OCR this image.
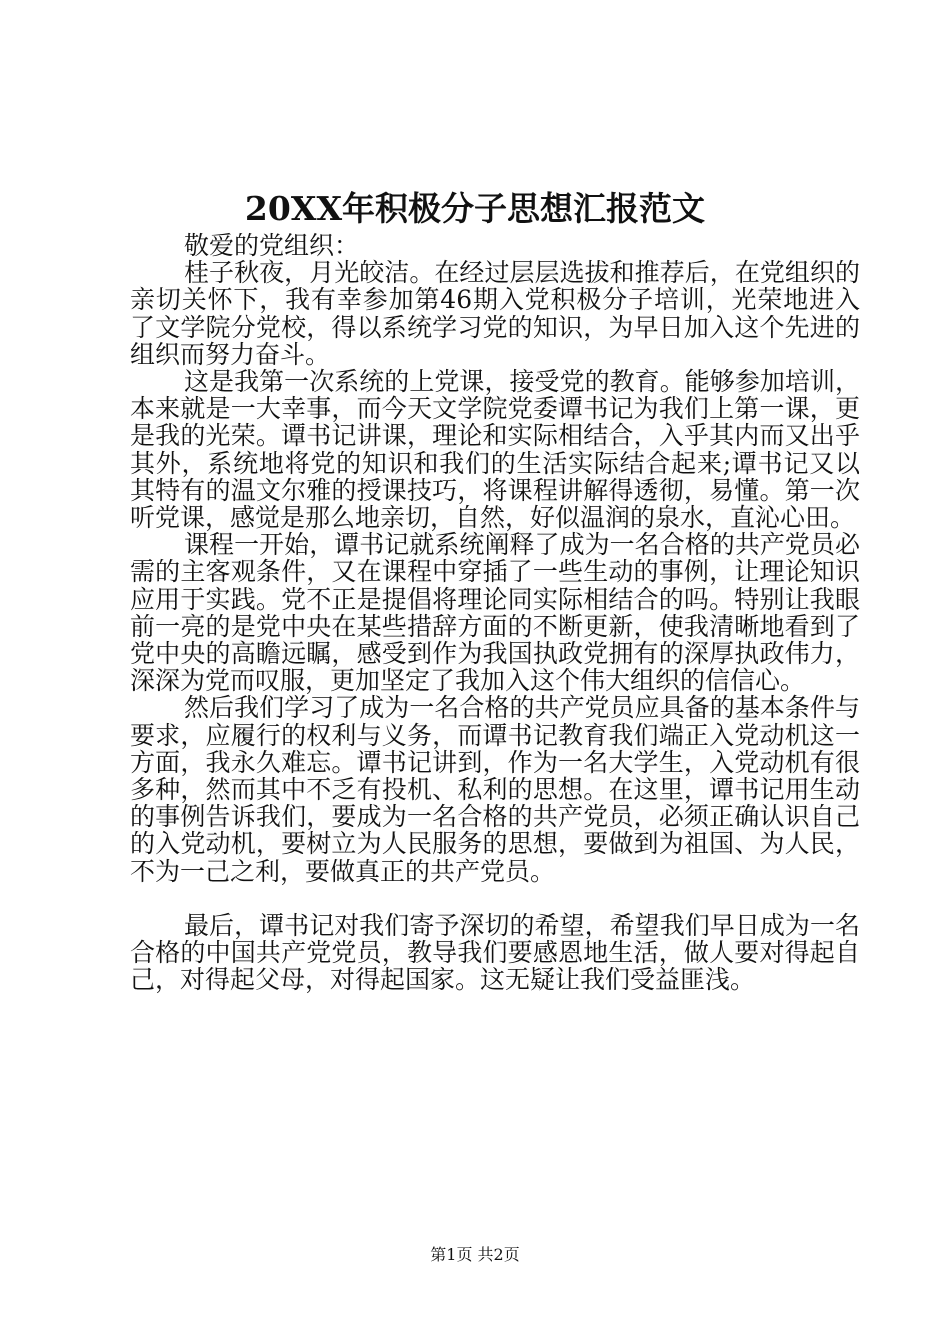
20XX年积极分子思想汇报范文

敬爱的党组织：

桂子秋夜，月光皎洁。在经过层层选拔和推荐后，在党组织的亲切关怀下，我有幸参加第46期入党积极分子培训，光荣地进入了文学院分党校，得以系统学习党的知识，为早日加入这个先进的组织而努力奋斗。

这是我第一次系统的上党课，接受党的教育。能够参加培训，本来就是一大幸事，而今天文学院党委谭书记为我们上第一课，更是我的光荣。谭书记讲课，理论和实际相结合，入乎其内而又出乎其外，系统地将党的知识和我们的生活实际结合起来;谭书记又以其特有的温文尔雅的授课技巧，将课程讲解得透彻，易懂。第一次听党课，感觉是那么地亲切，自然，好似温润的泉水，直沁心田。

课程一开始，谭书记就系统阐释了成为一名合格的共产党员必需的主客观条件，又在课程中穿插了一些生动的事例，让理论知识应用于实践。党不正是提倡将理论同实际相结合的吗。特别让我眼前一亮的是党中央在某些措辞方面的不断更新，使我清晰地看到了党中央的高瞻远瞩，感受到作为我国执政党拥有的深厚执政伟力，深深为党而叹服，更加坚定了我加入这个伟大组织的信信心。

然后我们学习了成为一名合格的共产党员应具备的基本条件与要求，应履行的权利与义务，而谭书记教育我们端正入党动机这一方面，我永久难忘。谭书记讲到，作为一名大学生，入党动机有很多种，然而其中不乏有投机、私利的思想。在这里，谭书记用生动的事例告诉我们，要成为一名合格的共产党员，必须正确认识自己的入党动机，要树立为人民服务的思想，要做到为祖国、为人民，不为一己之利，要做真正的共产党员。

最后，谭书记对我们寄予深切的希望，希望我们早日成为一名合格的中国共产党党员，教导我们要感恩地生活，做人要对得起自己，对得起父母，对得起国家。这无疑让我们受益匪浅。

第1页 共2页
